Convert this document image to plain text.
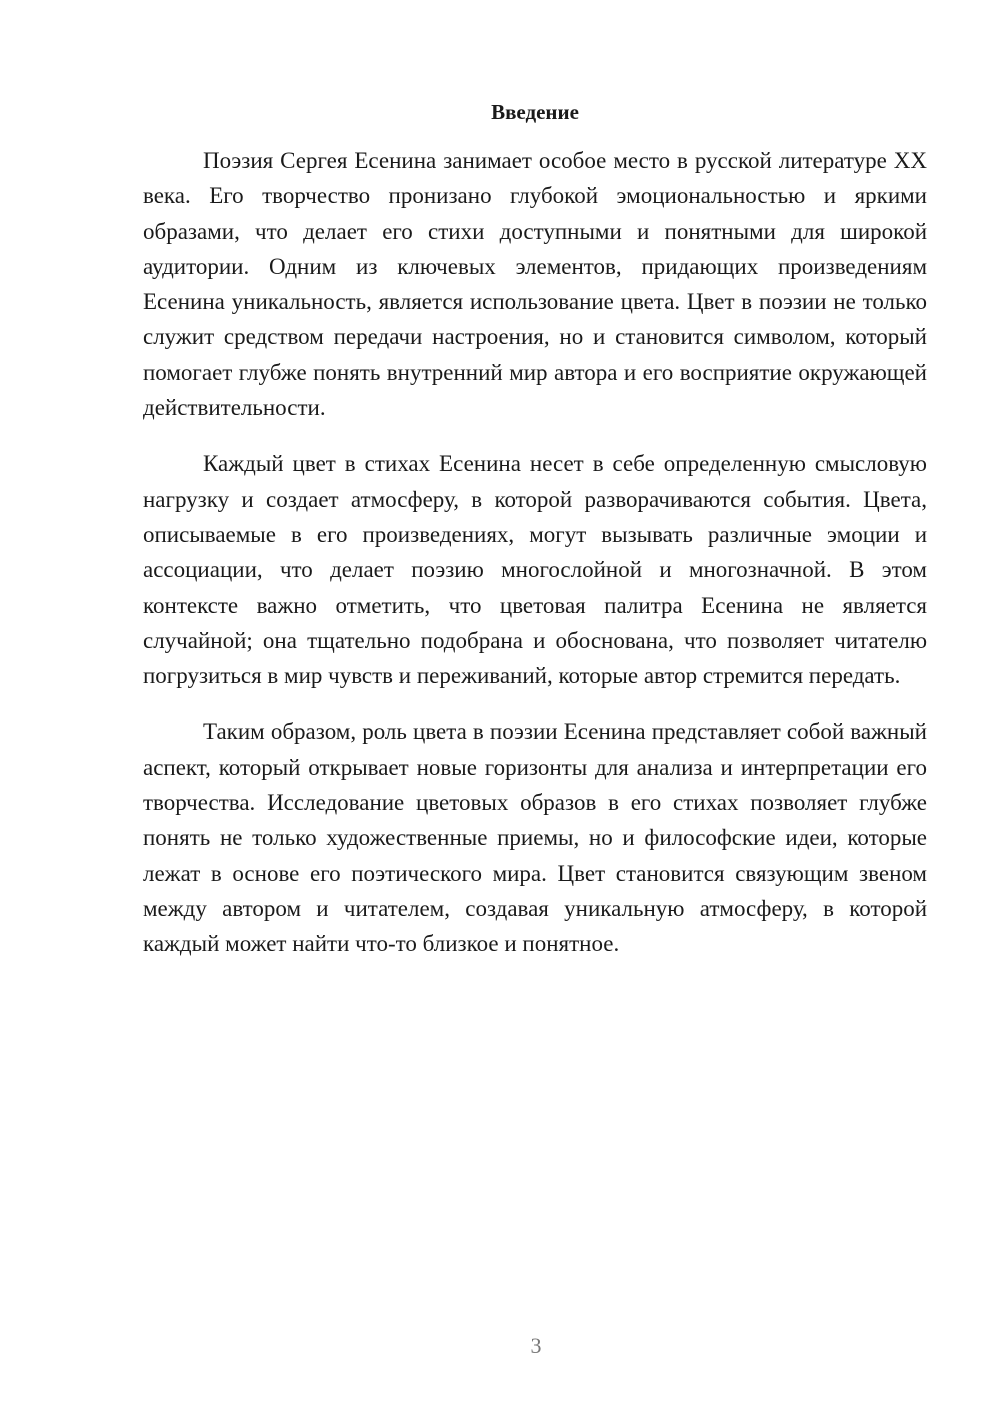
Введение

Поэзия Сергея Есенина занимает особое место в русской литературе XX века. Его творчество пронизано глубокой эмоциональностью и яркими образами, что делает его стихи доступными и понятными для широкой аудитории. Одним из ключевых элементов, придающих произведениям Есенина уникальность, является использование цвета. Цвет в поэзии не только служит средством передачи настроения, но и становится символом, который помогает глубже понять внутренний мир автора и его восприятие окружающей действительности.

Каждый цвет в стихах Есенина несет в себе определенную смысловую нагрузку и создает атмосферу, в которой разворачиваются события. Цвета, описываемые в его произведениях, могут вызывать различные эмоции и ассоциации, что делает поэзию многослойной и многозначной. В этом контексте важно отметить, что цветовая палитра Есенина не является случайной; она тщательно подобрана и обоснована, что позволяет читателю погрузиться в мир чувств и переживаний, которые автор стремится передать.

Таким образом, роль цвета в поэзии Есенина представляет собой важный аспект, который открывает новые горизонты для анализа и интерпретации его творчества. Исследование цветовых образов в его стихах позволяет глубже понять не только художественные приемы, но и философские идеи, которые лежат в основе его поэтического мира. Цвет становится связующим звеном между автором и читателем, создавая уникальную атмосферу, в которой каждый может найти что-то близкое и понятное.

3
